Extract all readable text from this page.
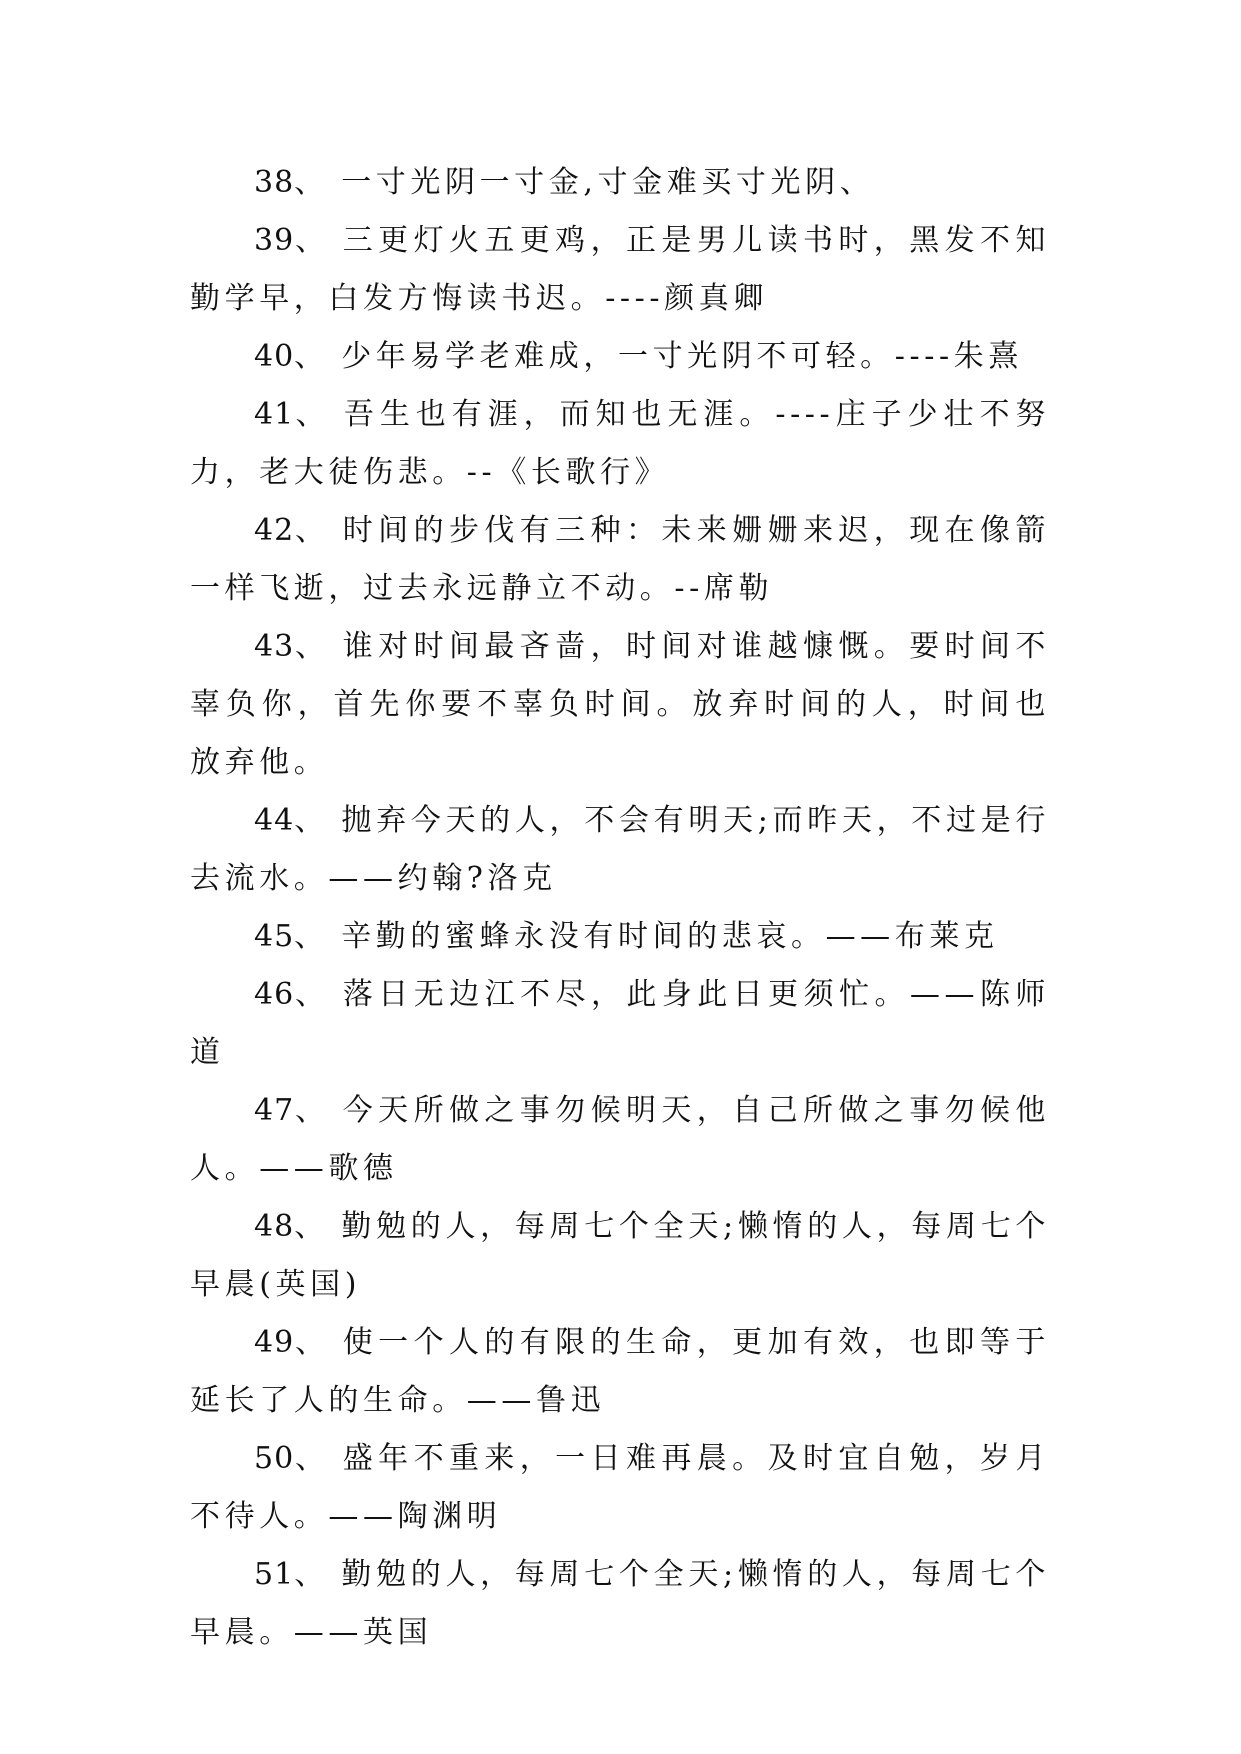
38、 一寸光阴一寸金,寸金难买寸光阴、

39、 三更灯火五更鸡，正是男儿读书时，黑发不知勤学早，白发方悔读书迟。----颜真卿

40、 少年易学老难成，一寸光阴不可轻。----朱熹

41、 吾生也有涯，而知也无涯。----庄子少壮不努力，老大徒伤悲。--《长歌行》

42、 时间的步伐有三种：未来姗姗来迟，现在像箭一样飞逝，过去永远静立不动。--席勒

43、 谁对时间最吝啬，时间对谁越慷慨。要时间不辜负你，首先你要不辜负时间。放弃时间的人，时间也放弃他。

44、 抛弃今天的人，不会有明天;而昨天，不过是行去流水。——约翰?洛克

45、 辛勤的蜜蜂永没有时间的悲哀。——布莱克

46、 落日无边江不尽，此身此日更须忙。——陈师道

47、 今天所做之事勿候明天，自己所做之事勿候他人。——歌德

48、 勤勉的人，每周七个全天;懒惰的人，每周七个早晨(英国)

49、 使一个人的有限的生命，更加有效，也即等于延长了人的生命。——鲁迅

50、 盛年不重来，一日难再晨。及时宜自勉，岁月不待人。——陶渊明

51、 勤勉的人，每周七个全天;懒惰的人，每周七个早晨。——英国
